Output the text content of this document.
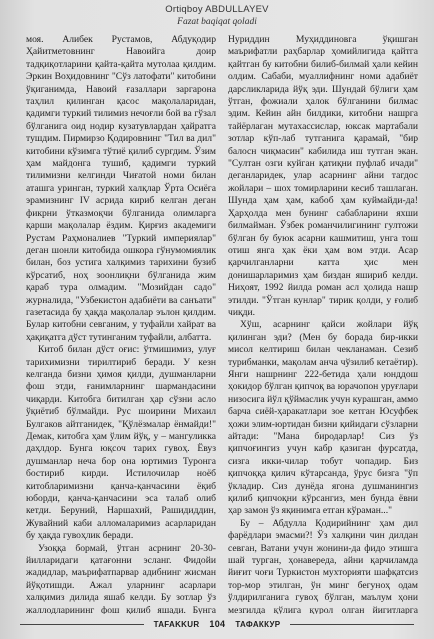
Ortiqboy ABDULLAYEV
Fazat baqiqat qoladi

моя. Алибек Рустамов, Абдуқодир Ҳайитметовнинг Навоийга доир тадқиқотларини қайта-қайта мутолаа қилдим. Эркин Воҳидовнинг "Сўз латофати" китобини ўқиганимда, Навоий ғазаллари заргарона таҳлил қилинган қасос мақолаларидан, қадимги туркий тилимиз нечоғли бой ва гўзал бўлганига оид нодир кузатувлардан ҳайратга тушдим. Пирмирзо Қодировнинг "Тил ва дил" китобини кўзимга тўтиё қилиб сургдим. Ўзим ҳам майдонга тушиб, қадимги туркий тилимизни келгинди Чиғатой номи билан аташга уринган, туркий халқлар Ўрта Осиёга эрамизнинг IV асрида кириб келган деган фикрни ўтказмоқчи бўлганида олимларга қарши мақолалар ёздим. Қирғиз академиги Рустам Раҳмоналиев "Туркий империялар" деган шонли китобида ошкора гўнумомиялик билан, боз устига халқимиз тарихини бузиб кўрсатиб, ноҳ зоонлиқни бўлганида жим қараб тура олмадим. "Мозийдан садо" журналида, "Узбекистон адабиёти ва санъати" газетасида бу ҳақда мақолалар эълон қилдим. Булар китобни севганим, у туфайли хайрат ва ҳақиқатга дўст тутинганим туфайли, албатта.

Китоб билан дўст оғис: ўтмишимиз, улуғ тарихимизни тирилтириб беради. У кезн келганда бизни ҳимоя қилди, душманларни фош этди, ғанимларнинг шармандасини чиқарди. Китобга битилган ҳар сўзни асло ўқиётиб бўлмайди. Рус шоирини Михаил Булгаков айтганидек, "Қўлёзмалар ёнмайди!" Демак, китобга ҳам ўлим йўқ, у – мангуликка даҳлдор. Бунга юқсоч тарих гувоҳ. Ёвуз душманлар неча бор она юртимиз Туронга бостириб кирди. Истилочилар ноёб китобларимизни қанча-қанчасини ёқиб юборди, қанча-қанчасини эса талаб олиб кетди. Беруний, Наршахий, Рашидиддин, Жувайний каби алломаларимиз асарларидан бу ҳақда гувоҳлик беради.

Узоққа бормай, ўтган асрнинг 20-30-йилларидаги қатағонни эсланг. Фидойи жадидлар, маърифатпарвар адибнинг жисман йўқотишди. Ажал уларнинг асарлари халқимиз дилида яшаб келди. Бу зотлар ўз жаллодларининг фош қилиб яшади. Бунга

Нуриддин Муҳиддиновга ўқишган маърифатли раҳбарлар ҳомийлигида қайтга қайтган бу китобни билиб-билмай ҳали кейин олдим. Сабаби, муаллифнинг номи адабиёт дарсликларида йўқ эди. Шундай бўлиги ҳам ўтган, фожиали ҳалок бўлганини билмас эдим. Кейин айн билдики, китобни нашрга тайёрлаган мутахассислар, юксак мартабали зотлар кўп-лаб тутганига қарамай, "бир балосн чиқмасин" кабилида иш тутган экан. "Султан озги куйган қатиқни пуфлаб ичади" деганларидек, улар асарнинг айни тагдос жойлари – шох томирларини кесиб ташлаган. Шунда ҳам ҳам, кабоб ҳам куймайди-да! Ҳарҳолда мен бунинг сабабларини яхши билмайман. Ўзбек романчилигининг гултожи бўлган бу буюк асарни кашмитиш, унга тош отиш янга ҳак ёки ҳам вом этди. Асар қарчилганларни катта ҳис мен донишарларимиз ҳам биздан яшириб келди. Ниҳоят, 1992 йилда роман асл ҳолида нашр этилди. "Ўтган кунлар" тирик қолди, у ғолиб чиқди.

Хўш, асарнинг қайси жойлари йўқ қилинган эди? (Мен бу борада бир-икки мисол келтириш билан чекланаман. Сезиб турибманки, мақолам анча чўзилиб кетаётир). Янги нашрнинг 222-бетида ҳали юнддош ҳокидор бўлган қипчоқ ва юрачопон уруғлари низосига йўл қўймаслик учун курашган, аммо барча сиёй-ҳаракатлари зое кетган Юсуфбек ҳожи элим-юртидан бизни қийидаги сўзларни айтади: "Мана биродарлар! Сиз ўз қипчоғингиз учун кабр қазиган фурсатда, сизга икки-чилар тобут чопадир. Биз қипчоққа қилич кўтарсанда, ўрус бизга "ўп ўкладир. Сиз дунёда ягона душманингиз қилиб қипчоқни кўрсангиз, мен бунда ёвни ҳар замон ўз яқинимга етган кўраман..."

Бу – Абдулла Қодирийнинг ҳам дил фарёдлари эмасми?! Ўз халқини чин дилдан севган, Ватани учун жонини-да фидо этишга шай турган, ҳонавереда, айни қарчиламда йиғит чоғи Туркистон мухторияти шафқатсиз тор-мор этилган, ўн минг бегуноҳ одам ўлдирилганига гувоҳ бўлган, маълум ҳони мезгилда қўлига қурол олган йигитларга

TAFAKKUR 104 ТАФАККУР
